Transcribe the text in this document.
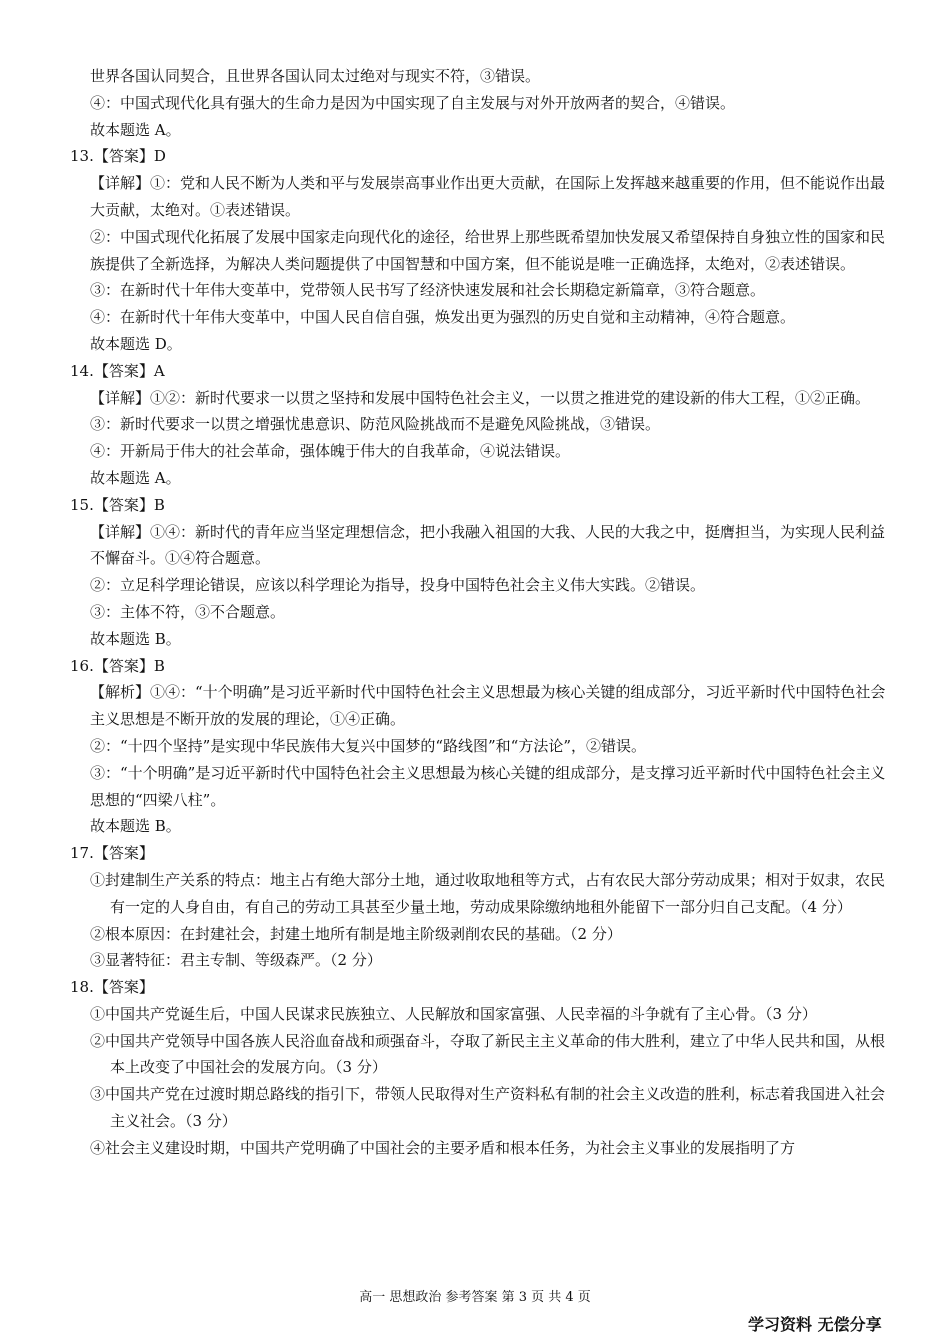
世界各国认同契合，且世界各国认同太过绝对与现实不符，③错误。

④：中国式现代化具有强大的生命力是因为中国实现了自主发展与对外开放两者的契合，④错误。

故本题选 A。

13.【答案】D

【详解】①：党和人民不断为人类和平与发展崇高事业作出更大贡献，在国际上发挥越来越重要的作用，但不能说作出最大贡献，太绝对。①表述错误。

②：中国式现代化拓展了发展中国家走向现代化的途径，给世界上那些既希望加快发展又希望保持自身独立性的国家和民族提供了全新选择，为解决人类问题提供了中国智慧和中国方案，但不能说是唯一正确选择，太绝对，②表述错误。

③：在新时代十年伟大变革中，党带领人民书写了经济快速发展和社会长期稳定新篇章，③符合题意。

④：在新时代十年伟大变革中，中国人民自信自强，焕发出更为强烈的历史自觉和主动精神，④符合题意。

故本题选 D。

14.【答案】A

【详解】①②：新时代要求一以贯之坚持和发展中国特色社会主义，一以贯之推进党的建设新的伟大工程，①②正确。

③：新时代要求一以贯之增强忧患意识、防范风险挑战而不是避免风险挑战，③错误。

④：开新局于伟大的社会革命，强体魄于伟大的自我革命，④说法错误。

故本题选 A。

15.【答案】B

【详解】①④：新时代的青年应当坚定理想信念，把小我融入祖国的大我、人民的大我之中，挺膺担当，为实现人民利益不懈奋斗。①④符合题意。

②：立足科学理论错误，应该以科学理论为指导，投身中国特色社会主义伟大实践。②错误。

③：主体不符，③不合题意。

故本题选 B。

16.【答案】B

【解析】①④：“十个明确”是习近平新时代中国特色社会主义思想最为核心关键的组成部分，习近平新时代中国特色社会主义思想是不断开放的发展的理论，①④正确。

②：“十四个坚持”是实现中华民族伟大复兴中国梦的“路线图”和“方法论”，②错误。

③：“十个明确”是习近平新时代中国特色社会主义思想最为核心关键的组成部分，是支撑习近平新时代中国特色社会主义思想的“四梁八柱”。

故本题选 B。

17.【答案】

①封建制生产关系的特点：地主占有绝大部分土地，通过收取地租等方式，占有农民大部分劳动成果；相对于奴隶，农民有一定的人身自由，有自己的劳动工具甚至少量土地，劳动成果除缴纳地租外能留下一部分归自己支配。（4 分）

②根本原因：在封建社会，封建土地所有制是地主阶级剥削农民的基础。（2 分）

③显著特征：君主专制、等级森严。（2 分）

18.【答案】

①中国共产党诞生后，中国人民谋求民族独立、人民解放和国家富强、人民幸福的斗争就有了主心骨。（3 分）

②中国共产党领导中国各族人民浴血奋战和顽强奋斗，夺取了新民主主义革命的伟大胜利，建立了中华人民共和国，从根本上改变了中国社会的发展方向。（3 分）

③中国共产党在过渡时期总路线的指引下，带领人民取得对生产资料私有制的社会主义改造的胜利，标志着我国进入社会主义社会。（3 分）

④社会主义建设时期，中国共产党明确了中国社会的主要矛盾和根本任务，为社会主义事业的发展指明了方

高一 思想政治 参考答案 第 3 页 共 4 页
学习资料 无偿分享
